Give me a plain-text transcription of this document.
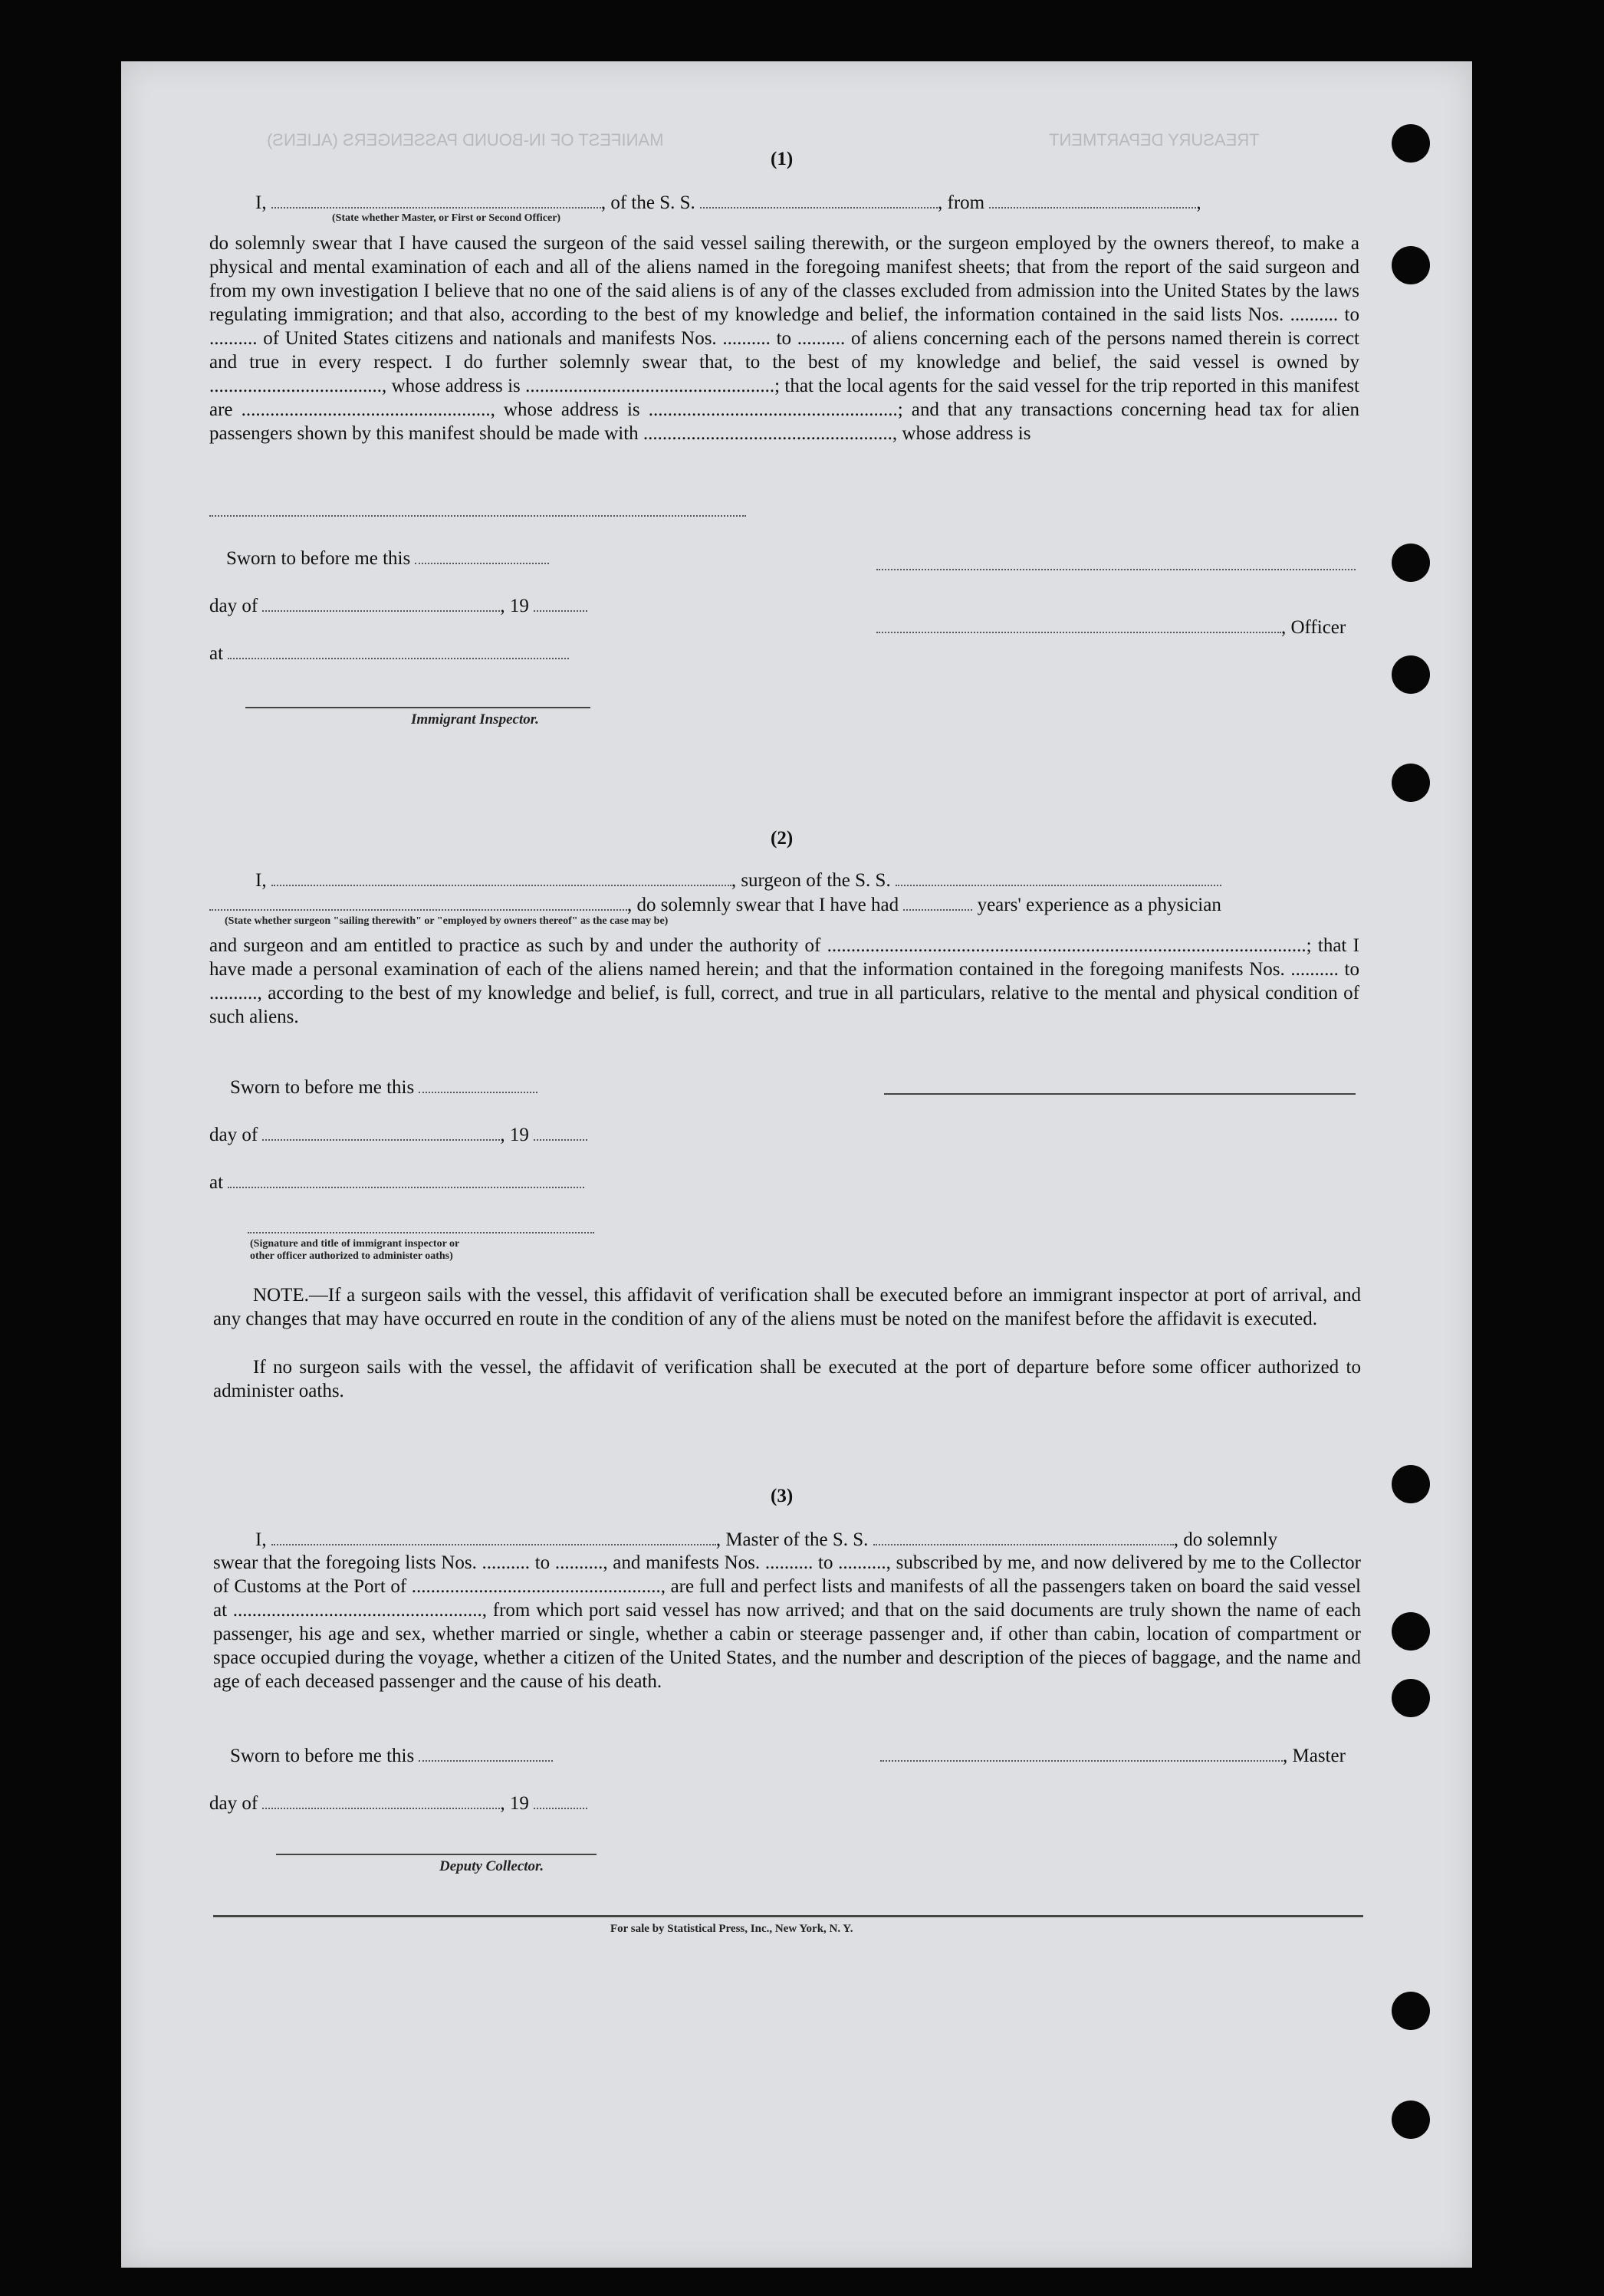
MANIFEST OF IN-BOUND PASSENGERS (ALIENS)	TREASURY DEPARTMENT
(1)
I,	, of the S. S.	, from	,
(State whether Master, or First or Second Officer)
do solemnly swear that I have caused the surgeon of the said vessel sailing therewith, or the surgeon employed by the owners thereof, to make a physical and mental examination of each and all of the aliens named in the foregoing manifest sheets; that from the report of the said surgeon and from my own investigation I believe that no one of the said aliens is of any of the classes excluded from admission into the United States by the laws regulating immigration; and that also, according to the best of my knowledge and belief, the information contained in the said lists Nos. .......... to .......... of United States citizens and nationals and manifests Nos. .......... to .......... of aliens concerning each of the persons named therein is correct and true in every respect. I do further solemnly swear that, to the best of my knowledge and belief, the said vessel is owned by ...................................., whose address is ....................................................; that the local agents for the said vessel for the trip reported in this manifest are ...................................................., whose address is ....................................................; and that any transactions concerning head tax for alien passengers shown by this manifest should be made with ...................................................., whose address is
Sworn to before me this
day of	, 19
, Officer
at
Immigrant Inspector.
(2)
I,	, surgeon of the S. S.
, do solemnly swear that I have had	years' experience as a physician
(State whether surgeon "sailing therewith" or "employed by owners thereof" as the case may be)
and surgeon and am entitled to practice as such by and under the authority of ....................................................................................................; that I have made a personal examination of each of the aliens named herein; and that the information contained in the foregoing manifests Nos. .......... to .........., according to the best of my knowledge and belief, is full, correct, and true in all particulars, relative to the mental and physical condition of such aliens.
Sworn to before me this
day of	, 19
at
(Signature and title of immigrant inspector or
other officer authorized to administer oaths)
NOTE.—If a surgeon sails with the vessel, this affidavit of verification shall be executed before an immigrant inspector at port of arrival, and any changes that may have occurred en route in the condition of any of the aliens must be noted on the manifest before the affidavit is executed.
If no surgeon sails with the vessel, the affidavit of verification shall be executed at the port of departure before some officer authorized to administer oaths.
(3)
I,	, Master of the S. S.	, do solemnly
swear that the foregoing lists Nos. .......... to .........., and manifests Nos. .......... to .........., subscribed by me, and now delivered by me to the Collector of Customs at the Port of ...................................................., are full and perfect lists and manifests of all the passengers taken on board the said vessel at ...................................................., from which port said vessel has now arrived; and that on the said documents are truly shown the name of each passenger, his age and sex, whether married or single, whether a cabin or steerage passenger and, if other than cabin, location of compartment or space occupied during the voyage, whether a citizen of the United States, and the number and description of the pieces of baggage, and the name and age of each deceased passenger and the cause of his death.
Sworn to before me this	, Master
day of	, 19
Deputy Collector.
For sale by Statistical Press, Inc., New York, N. Y.
